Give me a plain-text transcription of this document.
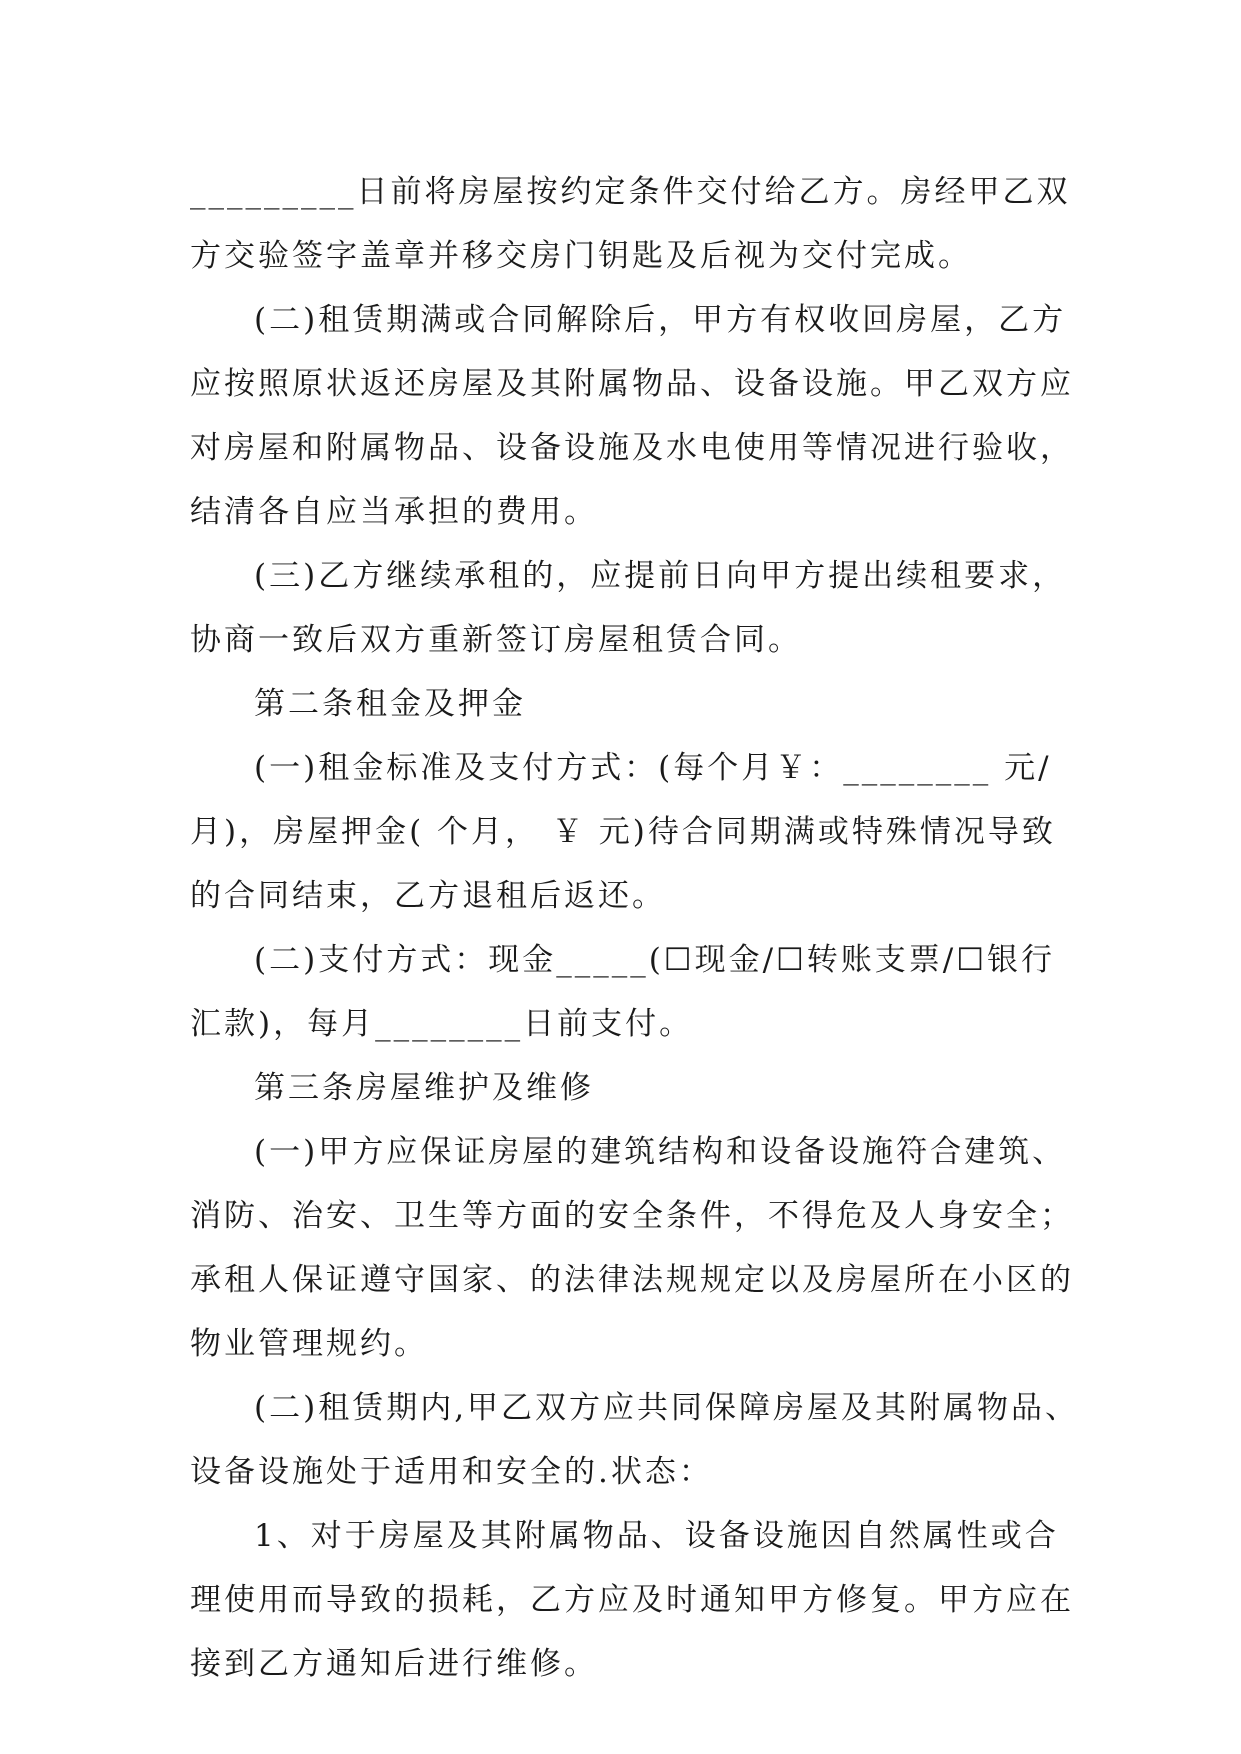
_________日前将房屋按约定条件交付给乙方。房经甲乙双
方交验签字盖章并移交房门钥匙及后视为交付完成。
(二)租赁期满或合同解除后，甲方有权收回房屋，乙方
应按照原状返还房屋及其附属物品、设备设施。甲乙双方应
对房屋和附属物品、设备设施及水电使用等情况进行验收，
结清各自应当承担的费用。
(三)乙方继续承租的，应提前日向甲方提出续租要求，
协商一致后双方重新签订房屋租赁合同。
第二条租金及押金
(一)租金标准及支付方式：(每个月￥：________ 元/
月)，房屋押金( 个月， ￥ 元)待合同期满或特殊情况导致
的合同结束，乙方退租后返还。
(二)支付方式：现金_____(☐现金/☐转账支票/☐银行
汇款)，每月________日前支付。
第三条房屋维护及维修
(一)甲方应保证房屋的建筑结构和设备设施符合建筑、
消防、治安、卫生等方面的安全条件，不得危及人身安全；
承租人保证遵守国家、的法律法规规定以及房屋所在小区的
物业管理规约。
(二)租赁期内,甲乙双方应共同保障房屋及其附属物品、
设备设施处于适用和安全的.状态：
1、对于房屋及其附属物品、设备设施因自然属性或合
理使用而导致的损耗，乙方应及时通知甲方修复。甲方应在
接到乙方通知后进行维修。
